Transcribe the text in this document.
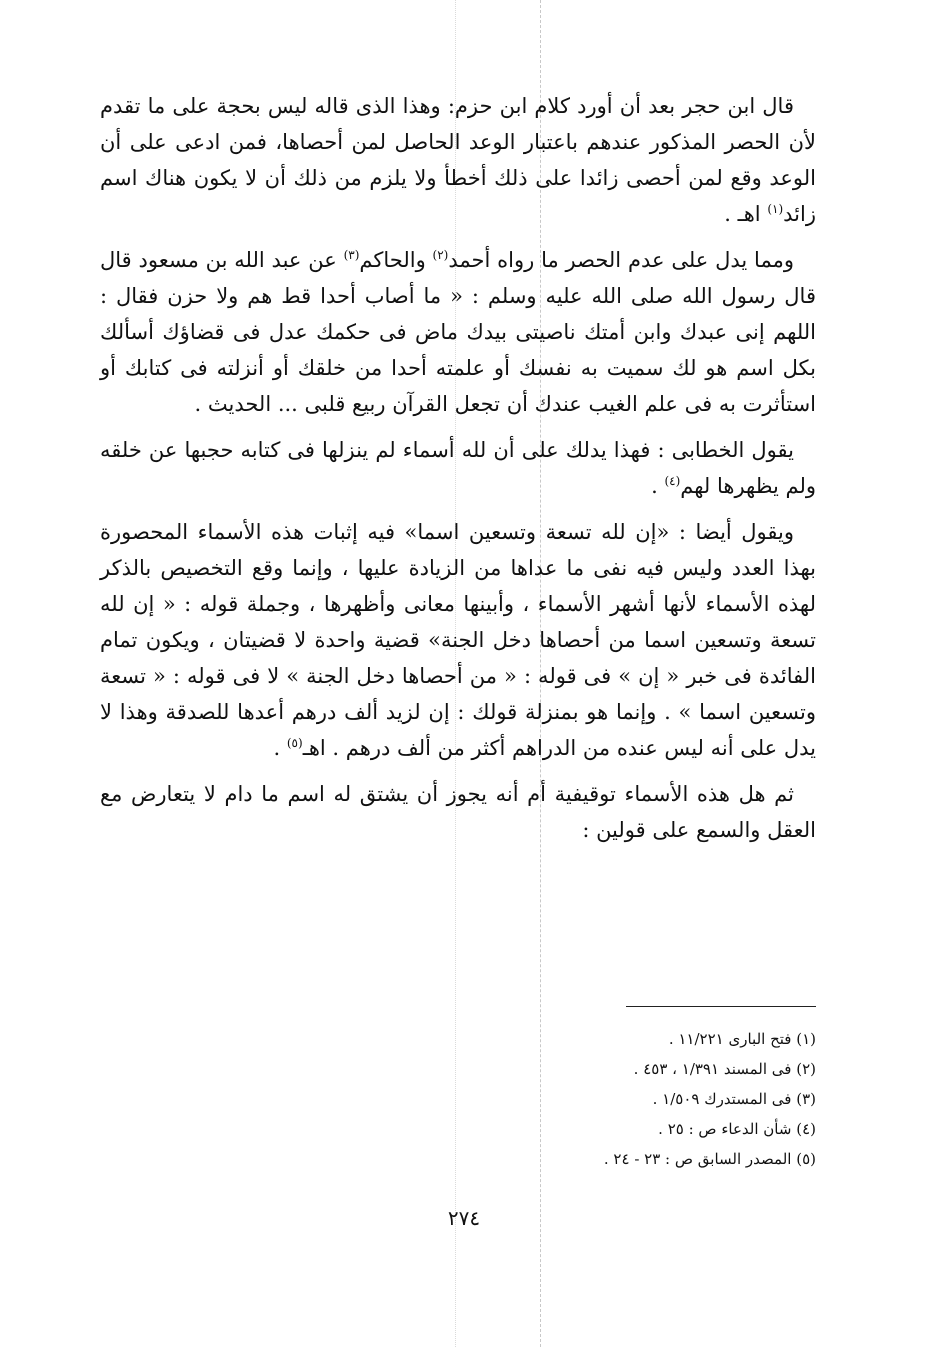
قال ابن حجر بعد أن أورد كلام ابن حزم: وهذا الذى قاله ليس بحجة على ما تقدم لأن الحصر المذكور عندهم باعتبار الوعد الحاصل لمن أحصاها، فمن ادعى على أن الوعد وقع لمن أحصى زائدا على ذلك أخطأ ولا يلزم من ذلك أن لا يكون هناك اسم زائد$^{(١)}$ اهـ .

ومما يدل على عدم الحصر ما رواه أحمد$^{(٢)}$ والحاكم$^{(٣)}$ عن عبد الله بن مسعود قال قال رسول الله صلى الله عليه وسلم : « ما أصاب أحدا قط هم ولا حزن فقال : اللهم إنى عبدك وابن أمتك ناصيتى بيدك ماض فى حكمك عدل فى قضاؤك أسألك بكل اسم هو لك سميت به نفسك أو علمته أحدا من خلقك أو أنزلته فى كتابك أو استأثرت به فى علم الغيب عندك أن تجعل القرآن ربيع قلبى ... الحديث .

يقول الخطابى : فهذا يدلك على أن لله أسماء لم ينزلها فى كتابه حجبها عن خلقه ولم يظهرها لهم$^{(٤)}$ .

ويقول أيضا : «إن لله تسعة وتسعين اسما» فيه إثبات هذه الأسماء المحصورة بهذا العدد وليس فيه نفى ما عداها من الزيادة عليها ، وإنما وقع التخصيص بالذكر لهذه الأسماء لأنها أشهر الأسماء ، وأبينها معانى وأظهرها ، وجملة قوله : « إن لله تسعة وتسعين اسما من أحصاها دخل الجنة» قضية واحدة لا قضيتان ، ويكون تمام الفائدة فى خبر « إن » فى قوله : « من أحصاها دخل الجنة » لا فى قوله : « تسعة وتسعين اسما » . وإنما هو بمنزلة قولك : إن لزيد ألف درهم أعدها للصدقة وهذا لا يدل على أنه ليس عنده من الدراهم أكثر من ألف درهم . اهـ$^{(٥)}$ .

ثم هل هذه الأسماء توقيفية أم أنه يجوز أن يشتق له اسم ما دام لا يتعارض مع العقل والسمع على قولين :

(١) فتح البارى ١١/٢٢١ .
(٢) فى المسند ١/٣٩١ ، ٤٥٣ .
(٣) فى المستدرك ١/٥٠٩ .
(٤) شأن الدعاء ص : ٢٥ .
(٥) المصدر السابق ص : ٢٣ - ٢٤ .
٢٧٤
